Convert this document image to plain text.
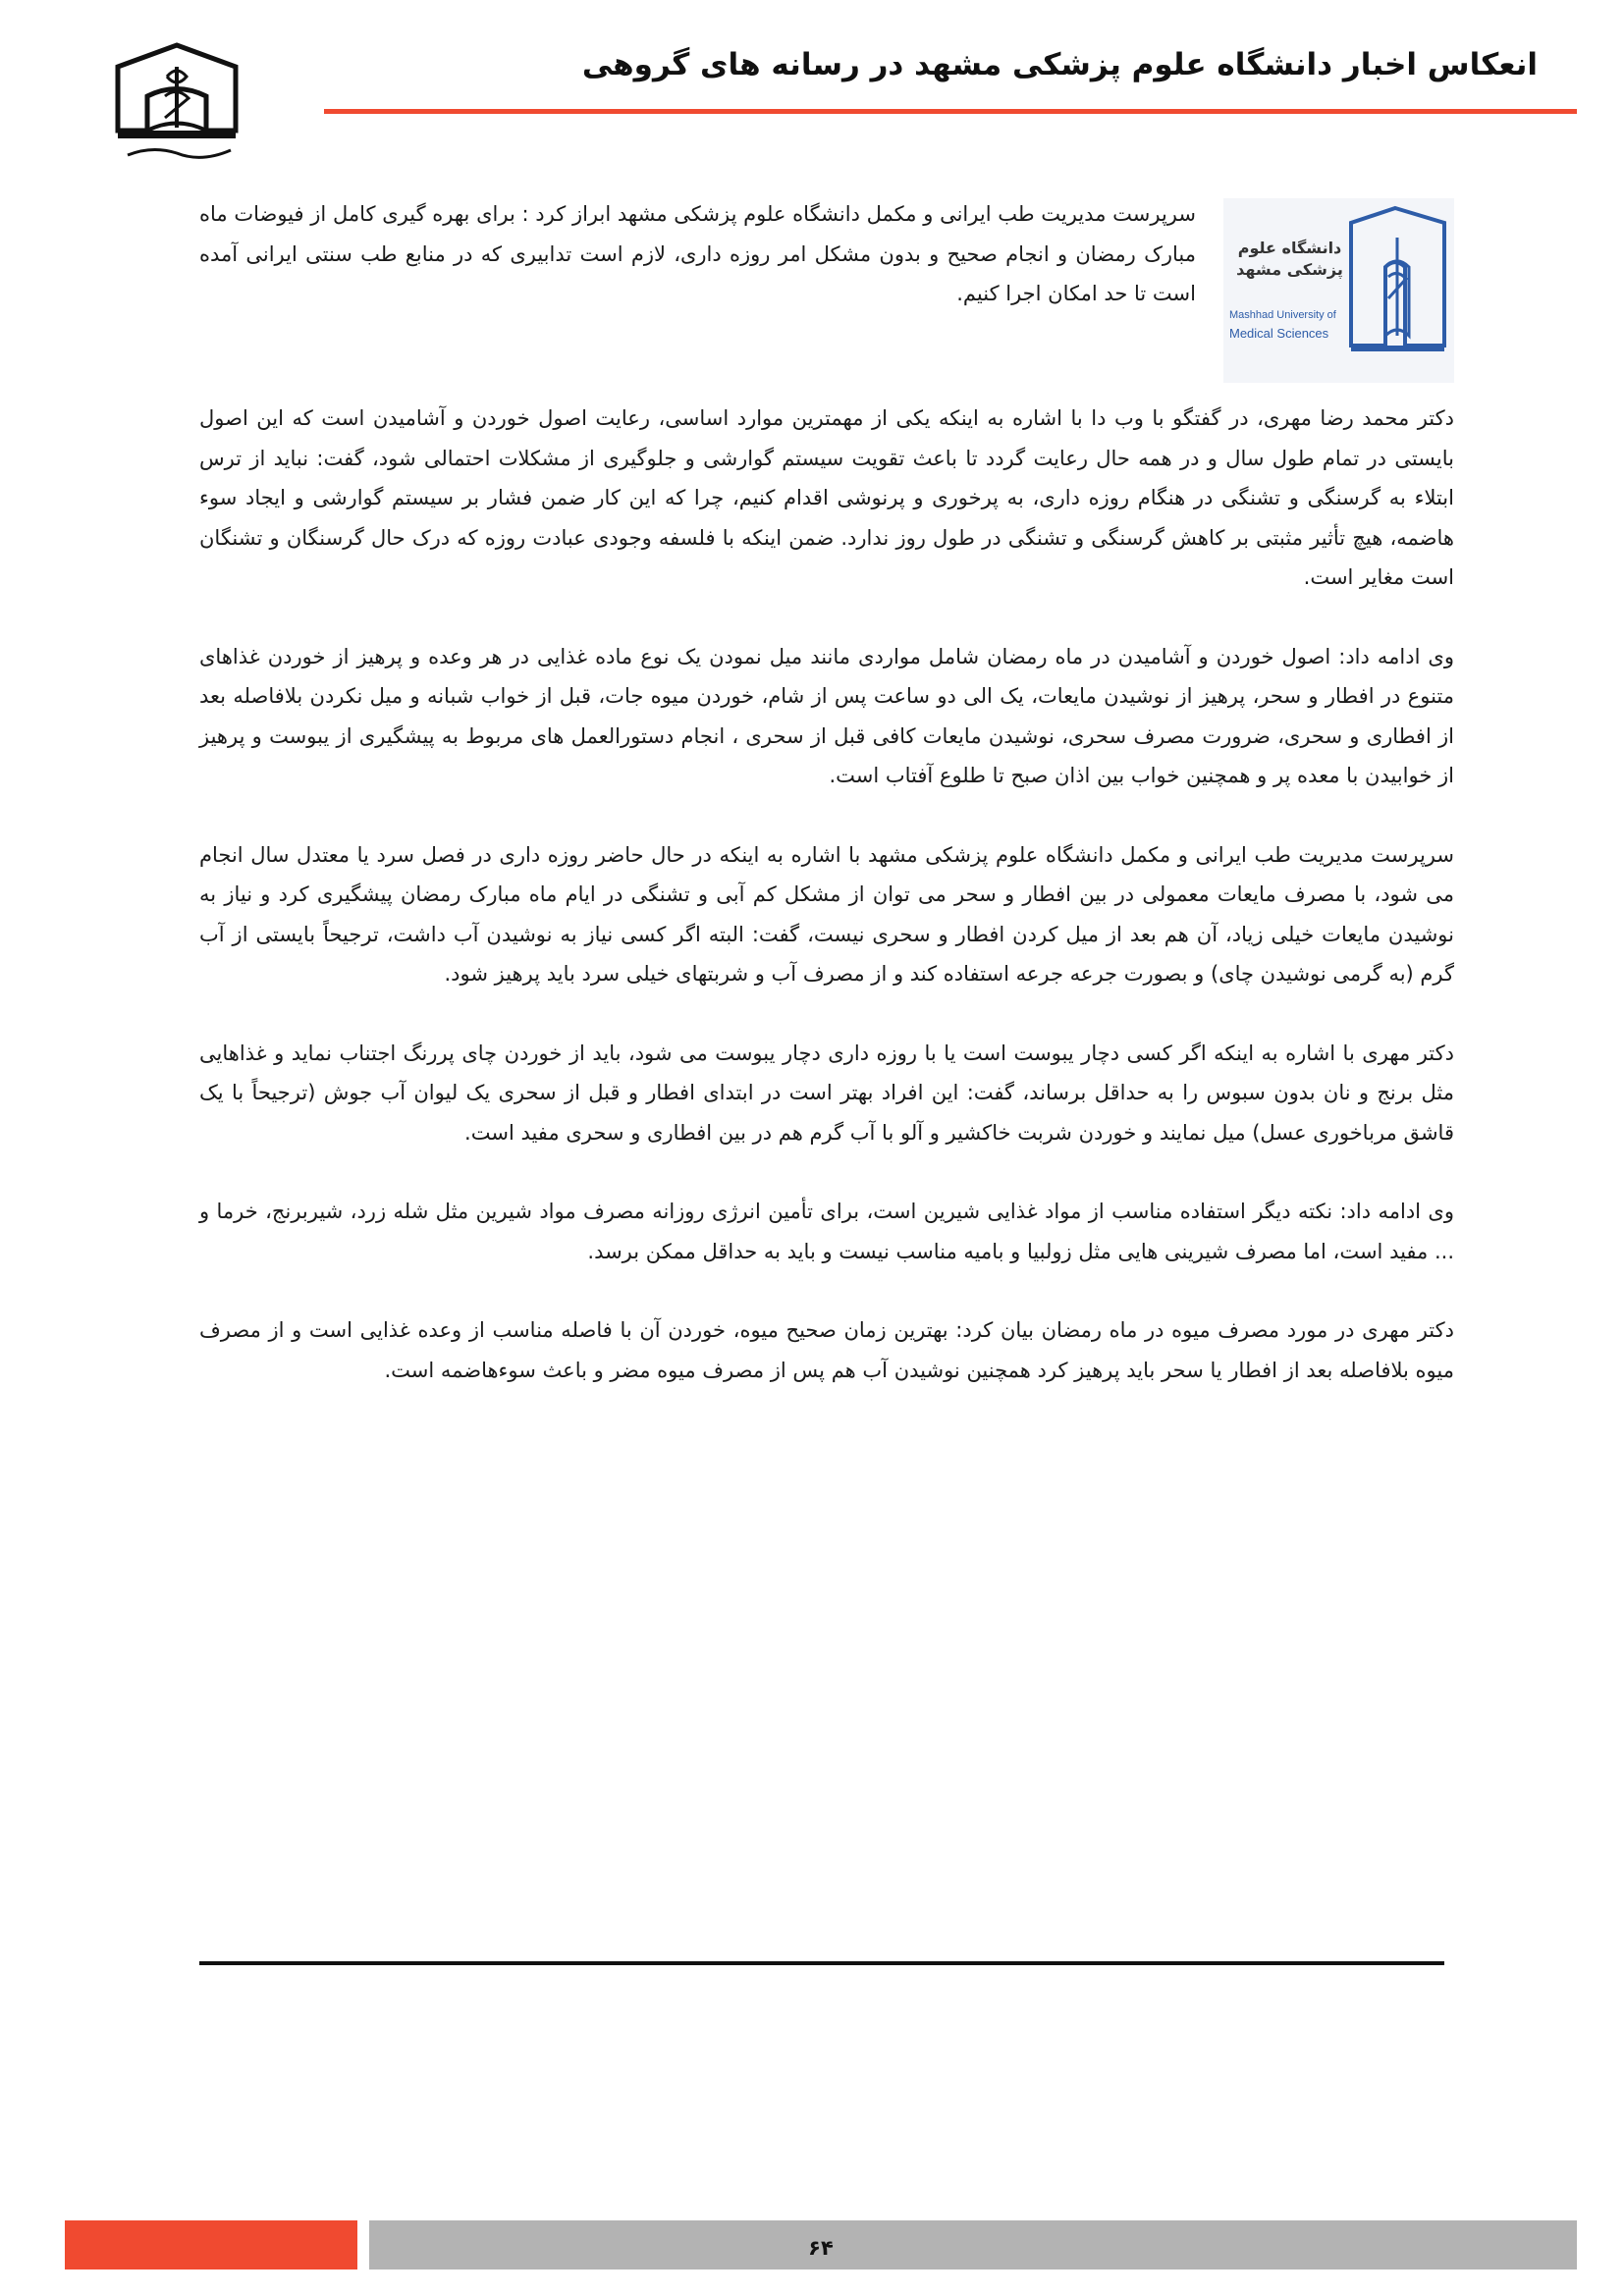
انعکاس اخبار دانشگاه علوم پزشکی مشهد در رسانه های گروهی

دانشگاه علوم پزشکی مشهد
Mashhad University of
Medical Sciences
سرپرست مدیریت طب ایرانی و مکمل دانشگاه علوم پزشکی مشهد ابراز کرد : برای بهره گیری کامل از فیوضات ماه مبارک رمضان و انجام صحیح و بدون مشکل امر روزه داری، لازم است تدابیری که در منابع طب سنتی ایرانی آمده است تا حد امکان اجرا کنیم.

دکتر محمد رضا مهری، در گفتگو با وب دا با اشاره به اینکه یکی از مهمترین موارد اساسی، رعایت اصول خوردن و آشامیدن است که این اصول بایستی در تمام طول سال و در همه حال رعایت گردد تا باعث تقویت سیستم گوارشی و جلوگیری از مشکلات احتمالی شود، گفت: نباید از ترس ابتلاء به گرسنگی و تشنگی در هنگام روزه داری، به پرخوری و پرنوشی اقدام کنیم، چرا که این کار ضمن فشار بر سیستم گوارشی و ایجاد سوء هاضمه، هیچ تأثیر مثبتی بر کاهش گرسنگی و تشنگی در طول روز ندارد. ضمن اینکه با فلسفه وجودی عبادت روزه که درک حال گرسنگان و تشنگان است مغایر است.

وی ادامه داد: اصول خوردن و آشامیدن در ماه رمضان شامل مواردی مانند میل نمودن یک نوع ماده غذایی در هر وعده و پرهیز از خوردن غذاهای متنوع در افطار و سحر، پرهیز از نوشیدن مایعات، یک الی دو ساعت پس از شام، خوردن میوه جات، قبل از خواب شبانه و میل نکردن بلافاصله بعد از افطاری و سحری، ضرورت مصرف سحری، نوشیدن مایعات کافی قبل از سحری ، انجام دستورالعمل های مربوط به پیشگیری از یبوست و پرهیز از خوابیدن با معده پر و همچنین خواب بین اذان صبح تا طلوع آفتاب است.

سرپرست مدیریت طب ایرانی و مکمل دانشگاه علوم پزشکی مشهد با اشاره به اینکه در حال حاضر روزه داری در فصل سرد یا معتدل سال انجام می شود، با مصرف مایعات معمولی در بین افطار و سحر می توان از مشکل کم آبی و تشنگی در ایام ماه مبارک رمضان پیشگیری کرد و نیاز به نوشیدن مایعات خیلی زیاد، آن هم بعد از میل کردن افطار و سحری نیست، گفت: البته اگر کسی نیاز به نوشیدن آب داشت، ترجیحاً بایستی از آب گرم (به گرمی نوشیدن چای) و بصورت جرعه جرعه استفاده کند و از مصرف آب و شربتهای خیلی سرد باید پرهیز شود.

دکتر مهری با اشاره به اینکه اگر کسی دچار یبوست است یا با روزه داری دچار یبوست می شود، باید از خوردن چای پررنگ اجتناب نماید و غذاهایی مثل برنج و نان بدون سبوس را به حداقل برساند، گفت: این افراد بهتر است در ابتدای افطار و قبل از سحری یک لیوان آب جوش (ترجیحاً با یک قاشق مرباخوری عسل) میل نمایند و خوردن شربت خاکشیر و آلو با آب گرم هم در بین افطاری و سحری مفید است.

وی ادامه داد: نکته دیگر استفاده مناسب از مواد غذایی شیرین است، برای تأمین انرژی روزانه مصرف مواد شیرین مثل شله زرد، شیربرنج، خرما و ... مفید است، اما مصرف شیرینی هایی مثل زولبیا و بامیه مناسب نیست و باید به حداقل ممکن برسد.

دکتر مهری در مورد مصرف میوه در ماه رمضان بیان کرد: بهترین زمان صحیح میوه، خوردن آن با فاصله مناسب از وعده غذایی است و از مصرف میوه بلافاصله بعد از افطار یا سحر باید پرهیز کرد همچنین نوشیدن آب هم پس از مصرف میوه مضر و باعث سوءهاضمه است.

۶۴
